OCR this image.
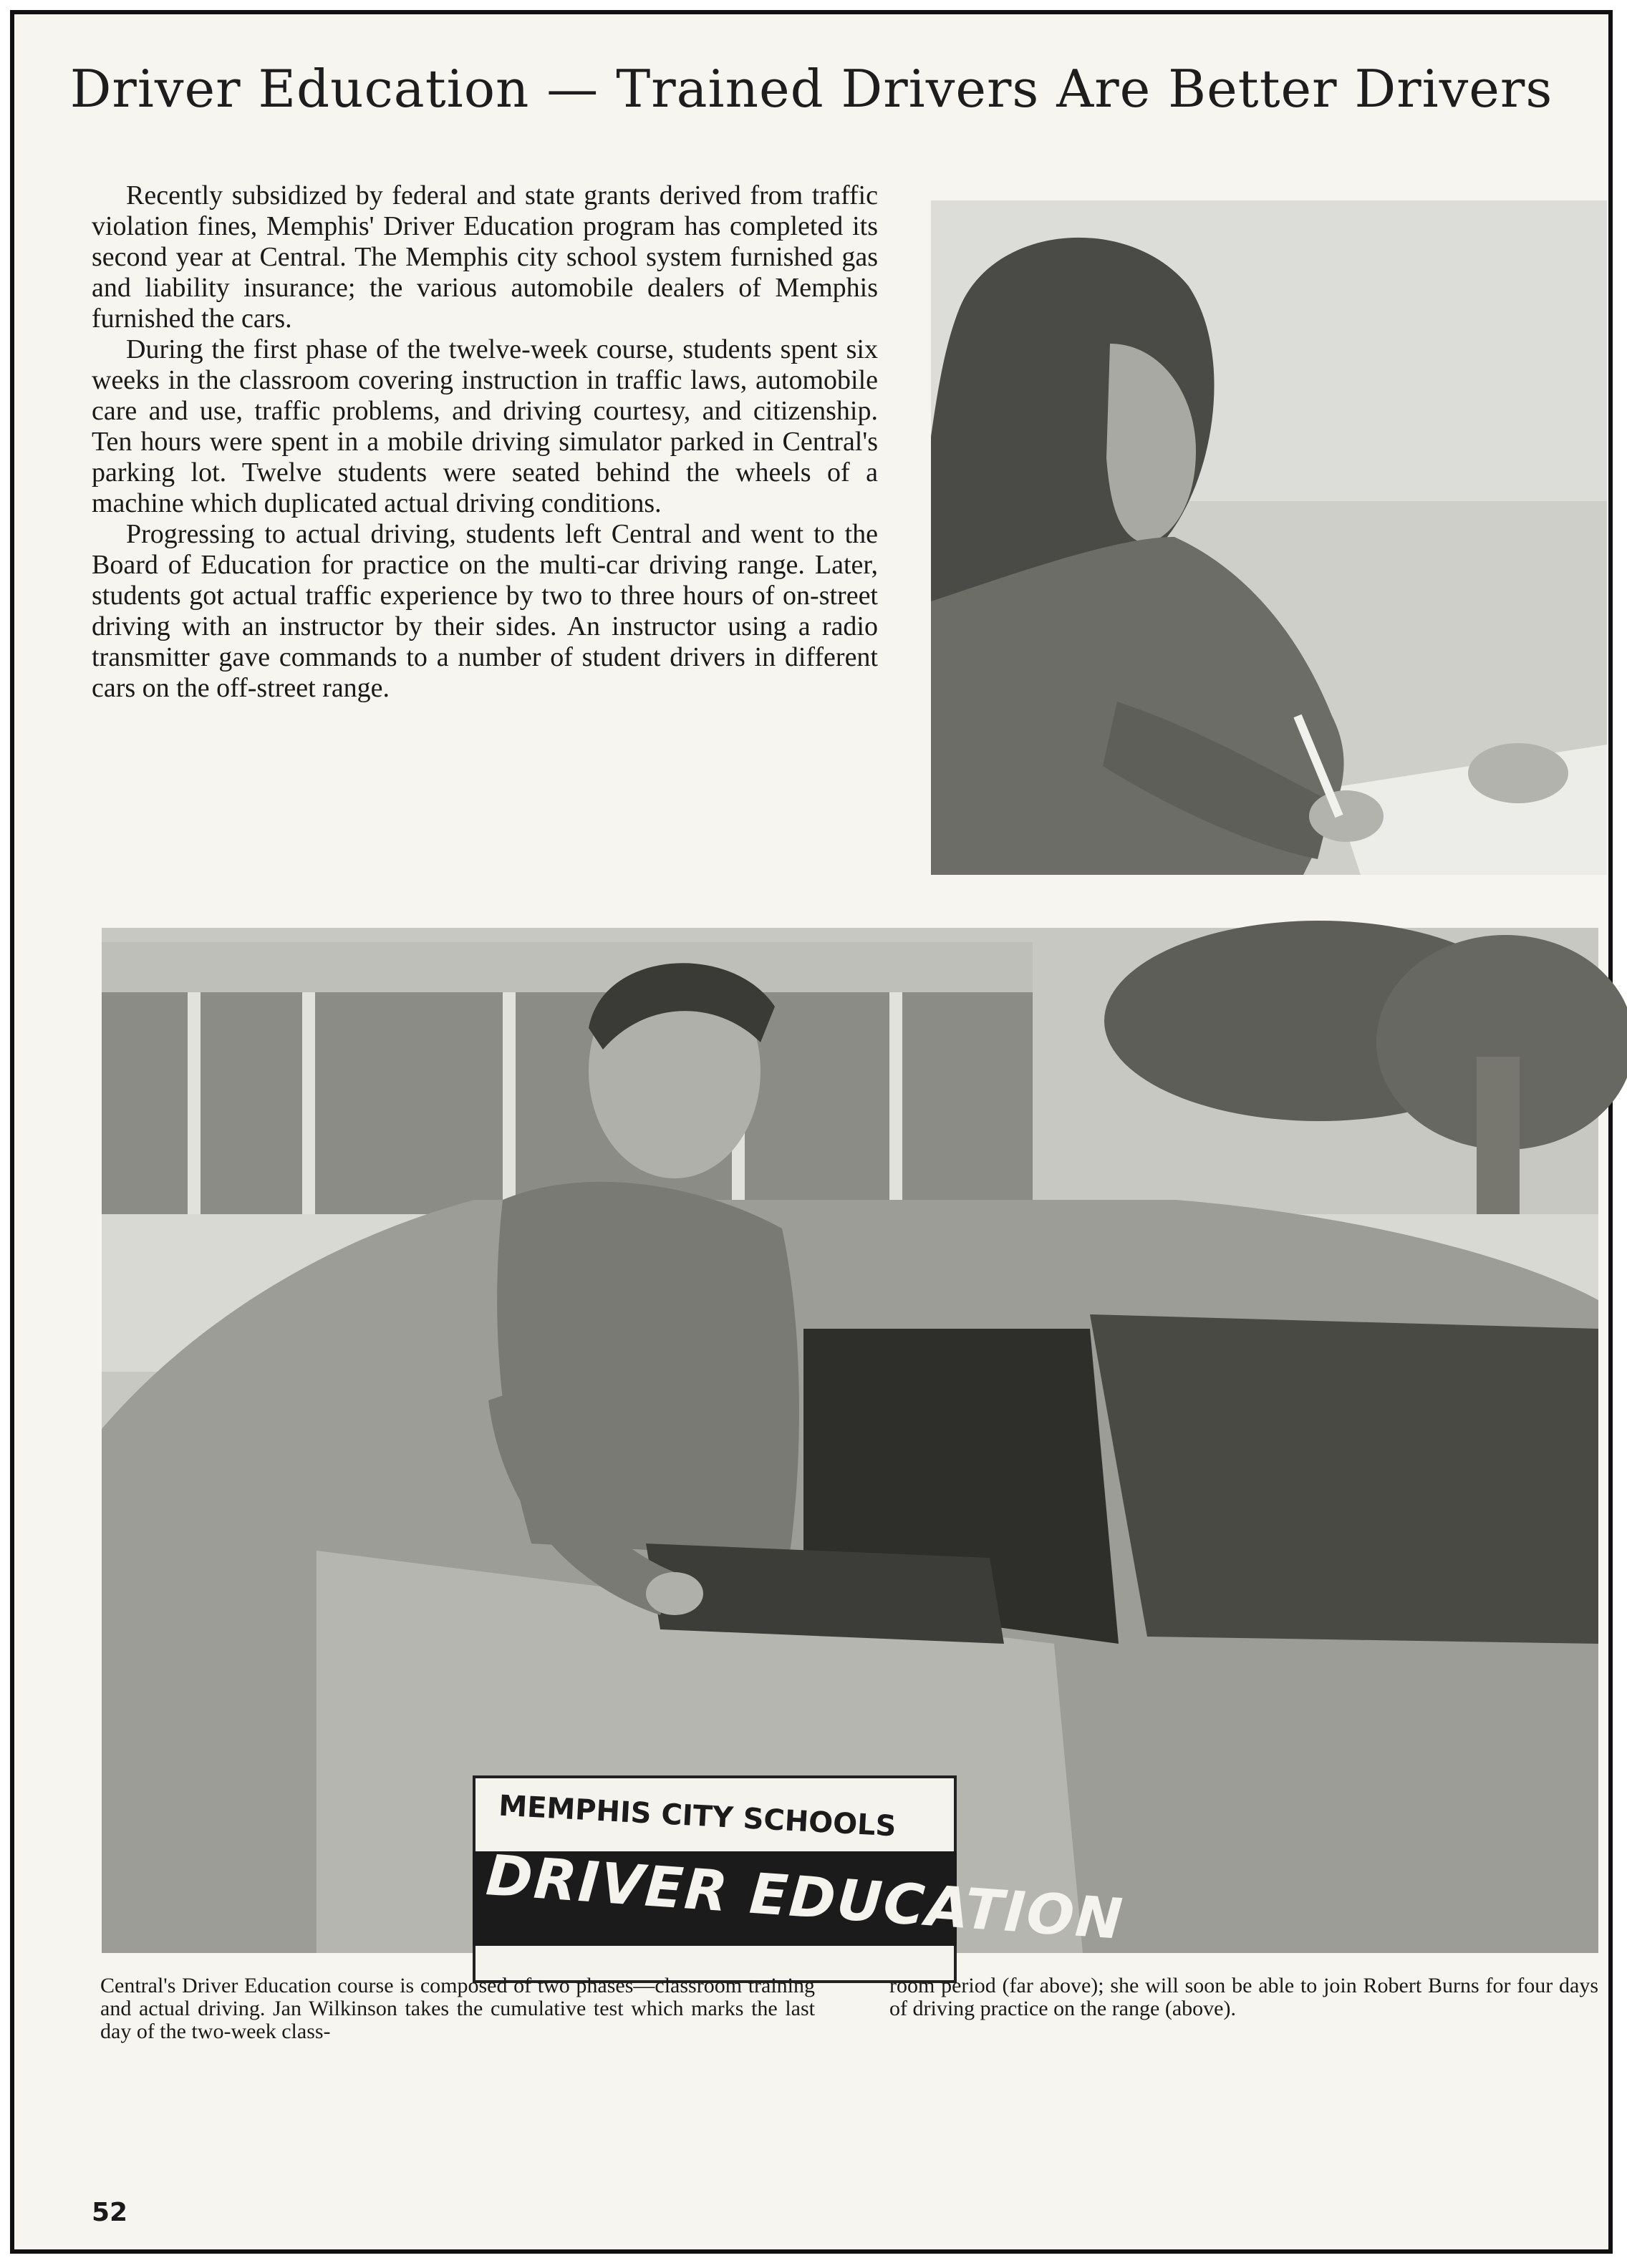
Driver Education — Trained Drivers Are Better Drivers

Recently subsidized by federal and state grants derived from traffic violation fines, Memphis' Driver Education program has completed its second year at Central. The Memphis city school system furnished gas and liability insurance; the various automobile dealers of Memphis furnished the cars.

During the first phase of the twelve-week course, students spent six weeks in the classroom covering instruction in traffic laws, automobile care and use, traffic problems, and driving courtesy, and citizenship. Ten hours were spent in a mobile driving simulator parked in Central's parking lot. Twelve students were seated behind the wheels of a machine which duplicated actual driving conditions.

Progressing to actual driving, students left Central and went to the Board of Education for practice on the multi-car driving range. Later, students got actual traffic experience by two to three hours of on-street driving with an instructor by their sides. An instructor using a radio transmitter gave commands to a number of student drivers in different cars on the off-street range.

MEMPHIS CITY SCHOOLS
DRIVER EDUCATION
Central's Driver Education course is composed of two phases—classroom training and actual driving. Jan Wilkinson takes the cumulative test which marks the last day of the two-week class-
room period (far above); she will soon be able to join Robert Burns for four days of driving practice on the range (above).
52
